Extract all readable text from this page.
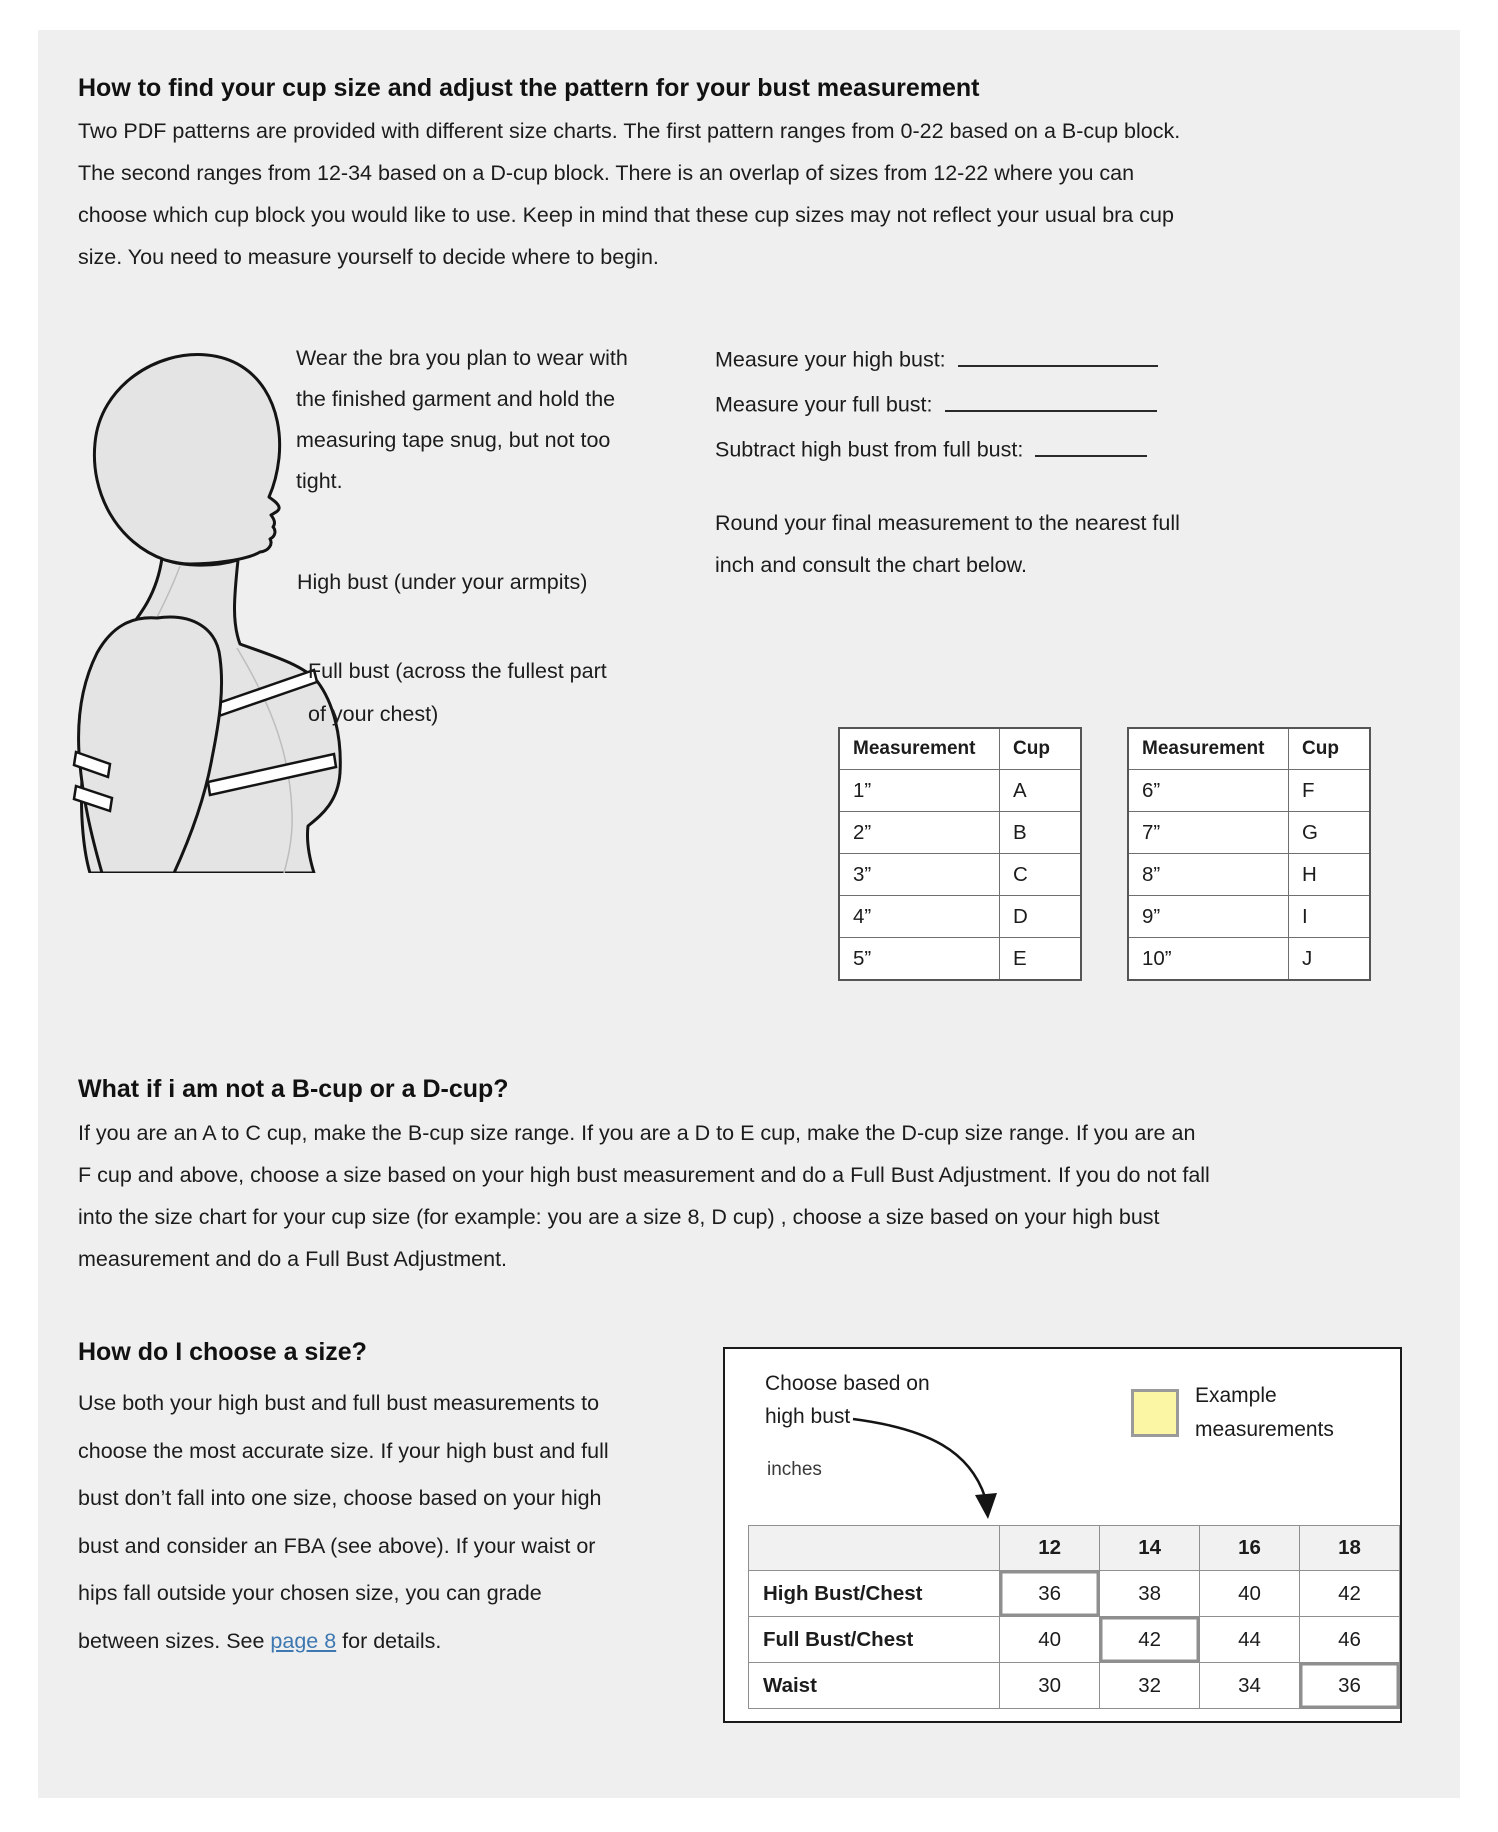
How to find your cup size and adjust the pattern for your bust measurement
Two PDF patterns are provided with different size charts. The first pattern ranges from 0-22 based on a B-cup block. The second ranges from 12-34 based on a D-cup block. There is an overlap of sizes from 12-22 where you can choose which cup block you would like to use. Keep in mind that these cup sizes may not reflect your usual bra cup size. You need to measure yourself to decide where to begin.
Wear the bra you plan to wear with the finished garment and hold the measuring tape snug, but not too tight.
High bust (under your armpits)
Full bust (across the fullest part of your chest)
Measure your high bust:
Measure your full bust:
Subtract high bust from full bust:
Round your final measurement to the nearest full inch and consult the chart below.
Measurement	Cup
1”	A
2”	B
3”	C
4”	D
5”	E
Measurement	Cup
6”	F
7”	G
8”	H
9”	I
10”	J
What if i am not a B-cup or a D-cup?
If you are an A to C cup, make the B-cup size range. If you are a D to E cup, make the D-cup size range. If you are an F cup and above, choose a size based on your high bust measurement and do a Full Bust Adjustment. If you do not fall into the size chart for your cup size (for example: you are a size 8, D cup) , choose a size based on your high bust measurement and do a Full Bust Adjustment.
How do I choose a size?
Use both your high bust and full bust measurements to choose the most accurate size. If your high bust and full bust don’t fall into one size, choose based on your high bust and consider an FBA (see above). If your waist or hips fall outside your chosen size, you can grade between sizes. See page 8 for details.
Choose based on
high bust
Example
measurements
inches
	12	14	16	18
High Bust/Chest	36	38	40	42
Full Bust/Chest	40	42	44	46
Waist	30	32	34	36
